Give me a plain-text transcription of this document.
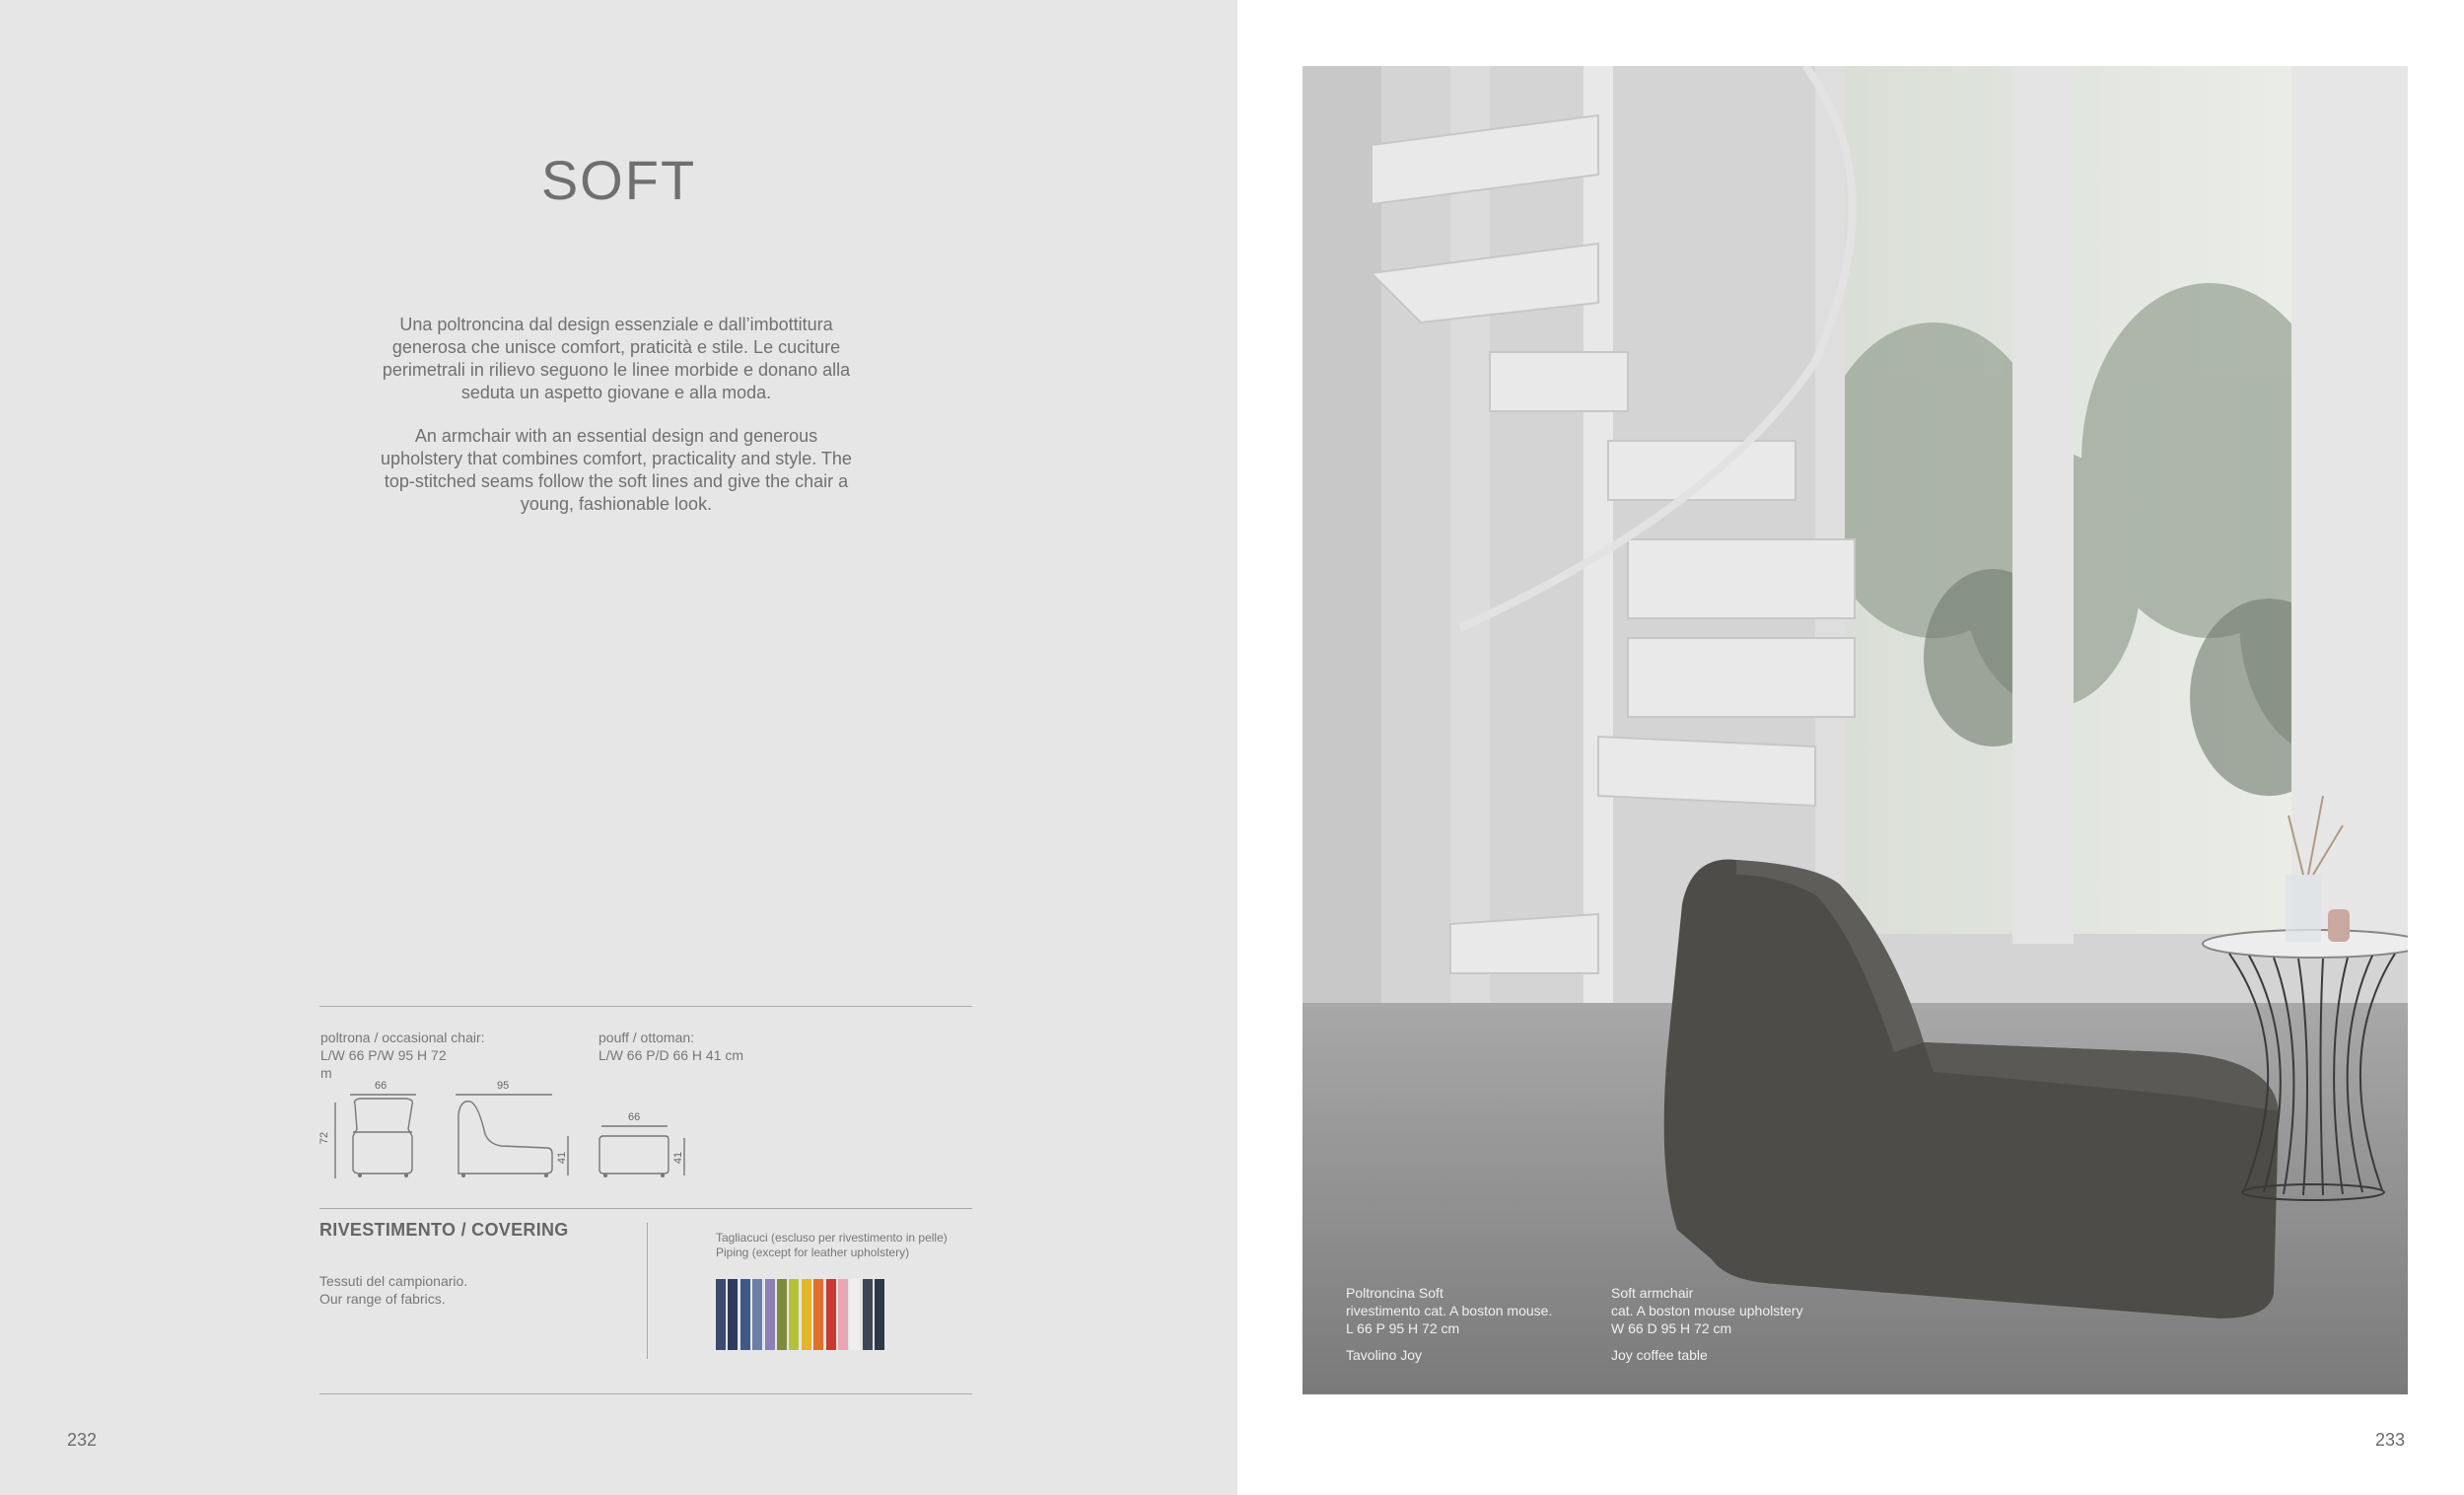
SOFT
Una poltroncina dal design essenziale e dall’imbottitura generosa che unisce comfort, praticità e stile. Le cuciture perimetrali in rilievo seguono le linee morbide e donano alla seduta un aspetto giovane e alla moda.
An armchair with an essential design and generous upholstery that combines comfort, practicality and style. The top-stitched seams follow the soft lines and give the chair a young, fashionable look.
poltrona / occasional chair:
L/W 66 P/W 95 H 72
m
pouff / ottoman:
L/W 66 P/D 66 H 41 cm
66
72
95
41
66
41
RIVESTIMENTO / COVERING
Tessuti del campionario.
Our range of fabrics.
Tagliacuci (escluso per rivestimento in pelle)
Piping (except for leather upholstery)
232
Poltroncina Soft
rivestimento cat. A boston mouse.
L 66 P 95 H 72 cm
Tavolino Joy
Soft armchair
cat. A boston mouse upholstery
W 66 D 95 H 72 cm
Joy coffee table
233
